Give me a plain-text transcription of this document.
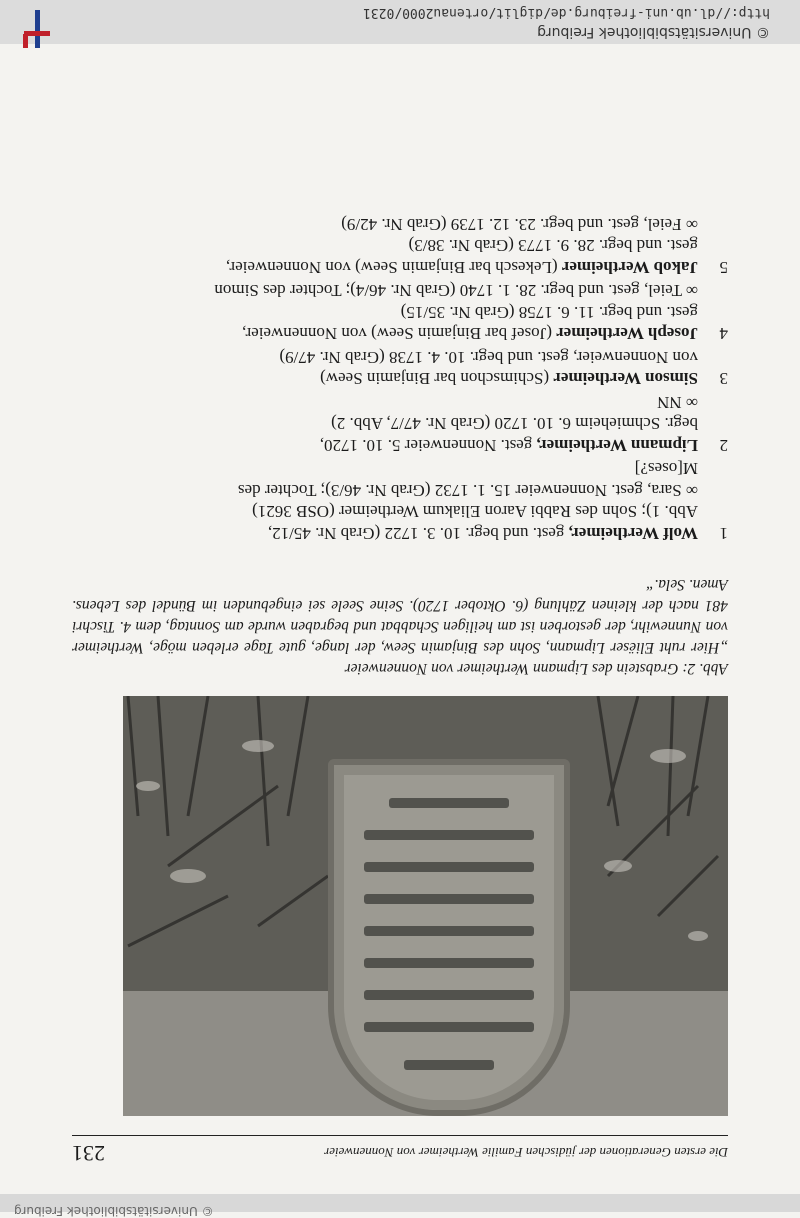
© Universitätsbibliothek Freiburg
http://dl.ub.uni-freiburg.de/diglit/ortenau2000/0231
Die ersten Generationen der jüdischen Familie Wertheimer von Nonnenweier
231

Abb. 2: Grabstein des Lipmann Wertheimer von Nonnenweier

„Hier ruht Eliëser Lipmann, Sohn des Binjamin Seew, der lange, gute Tage erleben möge, Wertheimer von Nunnewihr, der gestorben ist am heiligen Schabbat und begraben wurde am Sonntag, dem 4. Tischri 481 nach der kleinen Zählung (6. Oktober 1720). Seine Seele sei eingebunden im Bündel des Lebens. Amen. Sela.“

1
Wolf Wertheimer, gest. und begr. 10. 3. 1722 (Grab Nr. 45/12,
Abb. 1); Sohn des Rabbi Aaron Eliakum Wertheimer (OSB 3621)
∞ Sara, gest. Nonnenweier 15. 1. 1732 (Grab Nr. 46/3); Tochter des
M[oses?]
2
Lipmann Wertheimer, gest. Nonnenweier 5. 10. 1720,
begr. Schmieheim 6. 10. 1720 (Grab Nr. 47/7, Abb. 2)
∞ NN
3
Simson Wertheimer (Schimschon bar Binjamin Seew)
von Nonnenweier, gest. und begr. 10. 4. 1738 (Grab Nr. 47/9)
4
Joseph Wertheimer (Josef bar Binjamin Seew) von Nonnenweier,
gest. und begr. 11. 6. 1758 (Grab Nr. 35/15)
∞ Teiel, gest. und begr. 28. 1. 1740 (Grab Nr. 46/4); Tochter des Simon
5
Jakob Wertheimer (Lekesch bar Binjamin Seew) von Nonnenweier,
gest. und begr. 28. 9. 1773 (Grab Nr. 38/3)
∞ Feiel, gest. und begr. 23. 12. 1739 (Grab Nr. 42/9)
© Universitätsbibliothek Freiburg
